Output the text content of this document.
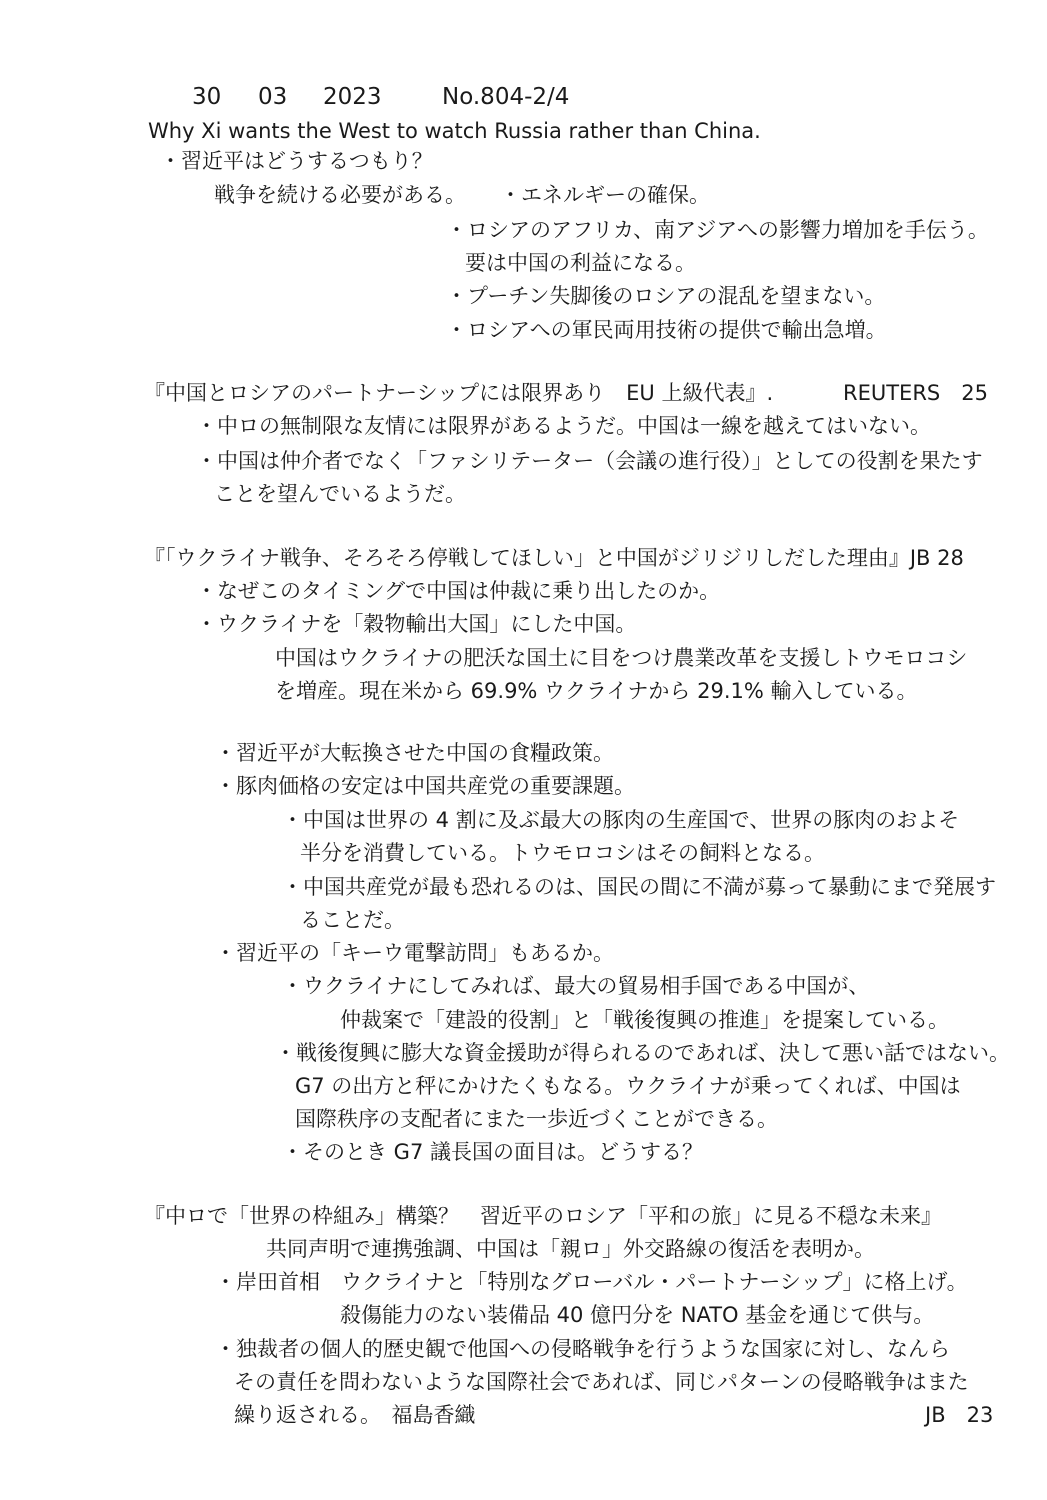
30 03 2023	No.804-2/4
Why Xi wants the West to watch Russia rather than China.
・習近平はどうするつもり？
戦争を続ける必要がある。 ・エネルギーの確保。
・ロシアのアフリカ、南アジアへの影響力増加を手伝う。
要は中国の利益になる。
・プーチン失脚後のロシアの混乱を望まない。
・ロシアへの軍民両用技術の提供で輸出急増。
『中国とロシアのパートナーシップには限界あり　EU 上級代表』.	REUTERS　25
・中ロの無制限な友情には限界があるようだ。中国は一線を越えてはいない。
・中国は仲介者でなく「ファシリテーター（会議の進行役）」としての役割を果たす
ことを望んでいるようだ。
『「ウクライナ戦争、そろそろ停戦してほしい」と中国がジリジリしだした理由』JB 28
・なぜこのタイミングで中国は仲裁に乗り出したのか。
・ウクライナを「穀物輸出大国」にした中国。
中国はウクライナの肥沃な国土に目をつけ農業改革を支援しトウモロコシ
を増産。現在米から 69.9% ウクライナから 29.1% 輸入している。
・習近平が大転換させた中国の食糧政策。
・豚肉価格の安定は中国共産党の重要課題。
・中国は世界の 4 割に及ぶ最大の豚肉の生産国で、世界の豚肉のおよそ
半分を消費している。トウモロコシはその飼料となる。
・中国共産党が最も恐れるのは、国民の間に不満が募って暴動にまで発展す
ることだ。
・習近平の「キーウ電撃訪問」もあるか。
・ウクライナにしてみれば、最大の貿易相手国である中国が、
仲裁案で「建設的役割」と「戦後復興の推進」を提案している。
・戦後復興に膨大な資金援助が得られるのであれば、決して悪い話ではない。
G7 の出方と秤にかけたくもなる。ウクライナが乗ってくれば、中国は
国際秩序の支配者にまた一歩近づくことができる。
・そのとき G7 議長国の面目は。どうする？
『中ロで「世界の枠組み」構築？　習近平のロシア「平和の旅」に見る不穏な未来』
共同声明で連携強調、中国は「親ロ」外交路線の復活を表明か。
・岸田首相　ウクライナと「特別なグローバル・パートナーシップ」に格上げ。
殺傷能力のない装備品 40 億円分を NATO 基金を通じて供与。
・独裁者の個人的歴史観で他国への侵略戦争を行うような国家に対し、なんら
その責任を問わないような国際社会であれば、同じパターンの侵略戦争はまた
繰り返される。　福島香織	JB　23
